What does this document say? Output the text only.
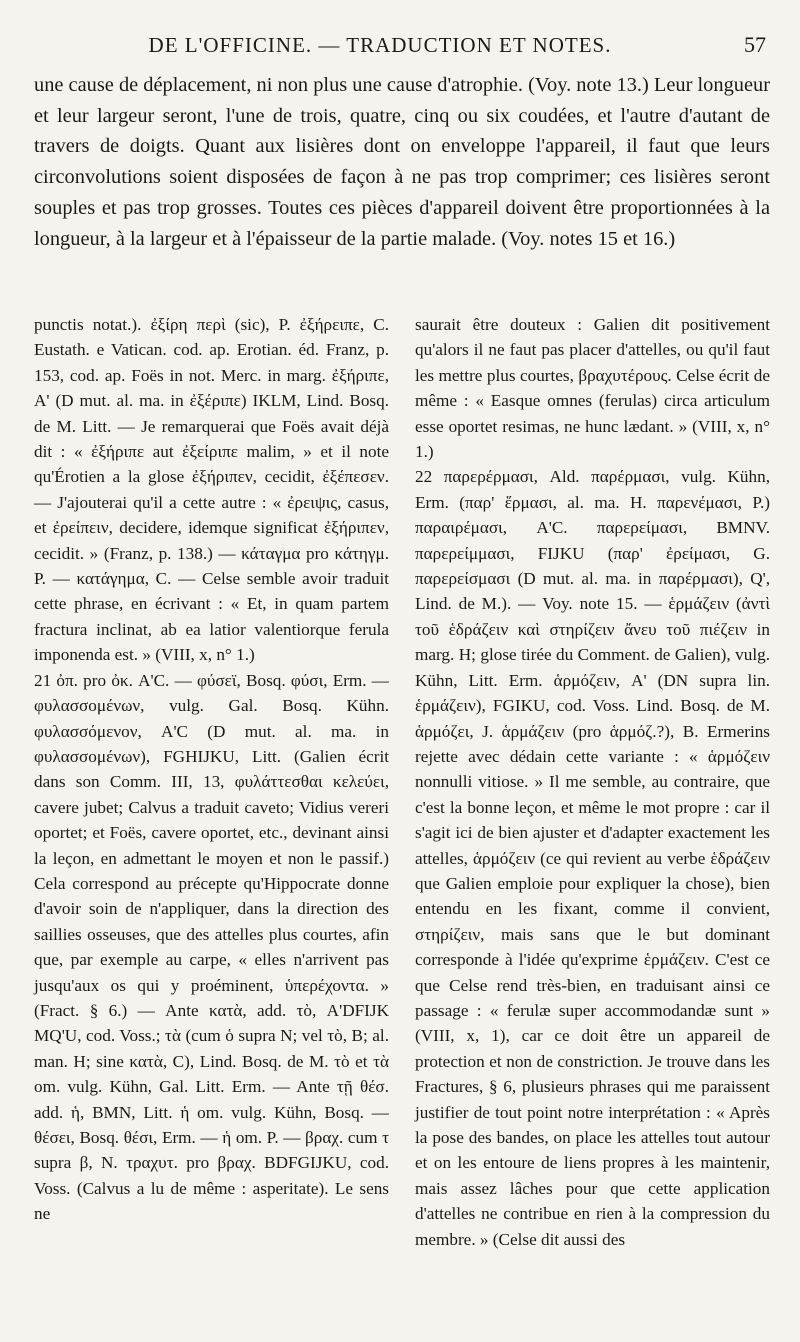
DE L'OFFICINE. — TRADUCTION ET NOTES.	57
une cause de déplacement, ni non plus une cause d'atrophie. (Voy. note 13.) Leur longueur et leur largeur seront, l'une de trois, quatre, cinq ou six coudées, et l'autre d'autant de travers de doigts. Quant aux lisières dont on enveloppe l'appareil, il faut que leurs circonvolutions soient disposées de façon à ne pas trop comprimer; ces lisières seront souples et pas trop grosses. Toutes ces pièces d'appareil doivent être proportionnées à la longueur, à la largeur et à l'épaisseur de la partie malade. (Voy. notes 15 et 16.)

punctis notat.). ἐξίρη περὶ (sic), P. ἐξήρειπε, C. Eustath. e Vatican. cod. ap. Erotian. éd. Franz, p. 153, cod. ap. Foës in not. Merc. in marg. ἐξήριπε, A' (D mut. al. ma. in ἐξέριπε) IKLM, Lind. Bosq. de M. Litt. — Je remarquerai que Foës avait déjà dit : « ἐξήριπε aut ἐξείριπε malim, » et il note qu'Érotien a la glose ἐξήριπεν, cecidit, ἐξέπεσεν. — J'ajouterai qu'il a cette autre : « ἐρειψις, casus, et ἐρείπειν, decidere, idemque significat ἐξήριπεν, cecidit. » (Franz, p. 138.) — κάταγμα pro κάτηγμ. P. — κατάγημα, C. — Celse semble avoir traduit cette phrase, en écrivant : « Et, in quam partem fractura inclinat, ab ea latior valentiorque ferula imponenda est. » (VIII, x, n° 1.)

21 ὀπ. pro ὀκ. A'C. — φύσεϊ, Bosq. φύσι, Erm. — φυλασσομένων, vulg. Gal. Bosq. Kühn. φυλασσόμενον, A'C (D mut. al. ma. in φυλασσομένων), FGHIJKU, Litt. (Galien écrit dans son Comm. III, 13, φυλάττεσθαι κελεύει, cavere jubet; Calvus a traduit caveto; Vidius vereri oportet; et Foës, cavere oportet, etc., devinant ainsi la leçon, en admettant le moyen et non le passif.) Cela correspond au précepte qu'Hippocrate donne d'avoir soin de n'appliquer, dans la direction des saillies osseuses, que des attelles plus courtes, afin que, par exemple au carpe, « elles n'arrivent pas jusqu'aux os qui y proéminent, ὑπερέχοντα. » (Fract. § 6.) — Ante κατὰ, add. τὸ, A'DFIJK MQ'U, cod. Voss.; τὰ (cum ὁ supra N; vel τὸ, B; al. man. H; sine κατὰ, C), Lind. Bosq. de M. τὸ et τὰ om. vulg. Kühn, Gal. Litt. Erm. — Ante τῇ θέσ. add. ἡ, BMN, Litt. ἡ om. vulg. Kühn, Bosq. — θέσει, Bosq. θέσι, Erm. — ἡ om. P. — βραχ. cum τ supra β, N. τραχυτ. pro βραχ. BDFGIJKU, cod. Voss. (Calvus a lu de même : asperitate). Le sens ne

saurait être douteux : Galien dit positivement qu'alors il ne faut pas placer d'attelles, ou qu'il faut les mettre plus courtes, βραχυτέρους. Celse écrit de même : « Easque omnes (ferulas) circa articulum esse oportet resimas, ne hunc lædant. » (VIII, x, n° 1.)

22 παρερέρμασι, Ald. παρέρμασι, vulg. Kühn, Erm. (παρ' ἕρμασι, al. ma. H. παρενέμασι, P.) παραιρέμασι, A'C. παρερείμασι, BMNV. παρερείμμασι, FIJKU (παρ' ἐρείμασι, G. παρερείσμασι (D mut. al. ma. in παρέρμασι), Q', Lind. de M.). — Voy. note 15. — ἑρμάζειν (ἀντὶ τοῦ ἑδράζειν καὶ στηρίζειν ἄνευ τοῦ πιέζειν in marg. H; glose tirée du Comment. de Galien), vulg. Kühn, Litt. Erm. ἁρμόζειν, A' (DN supra lin. ἑρμάζειν), FGIKU, cod. Voss. Lind. Bosq. de M. ἁρμόζει, J. ἁρμάζειν (pro ἁρμόζ.?), B. Ermerins rejette avec dédain cette variante : « ἁρμόζειν nonnulli vitiose. » Il me semble, au contraire, que c'est la bonne leçon, et même le mot propre : car il s'agit ici de bien ajuster et d'adapter exactement les attelles, ἁρμόζειν (ce qui revient au verbe ἑδράζειν que Galien emploie pour expliquer la chose), bien entendu en les fixant, comme il convient, στηρίζειν, mais sans que le but dominant corresponde à l'idée qu'exprime ἑρμάζειν. C'est ce que Celse rend très-bien, en traduisant ainsi ce passage : « ferulæ super accommodandæ sunt » (VIII, x, 1), car ce doit être un appareil de protection et non de constriction. Je trouve dans les Fractures, § 6, plusieurs phrases qui me paraissent justifier de tout point notre interprétation : « Après la pose des bandes, on place les attelles tout autour et on les entoure de liens propres à les maintenir, mais assez lâches pour que cette application d'attelles ne contribue en rien à la compression du membre. » (Celse dit aussi des
